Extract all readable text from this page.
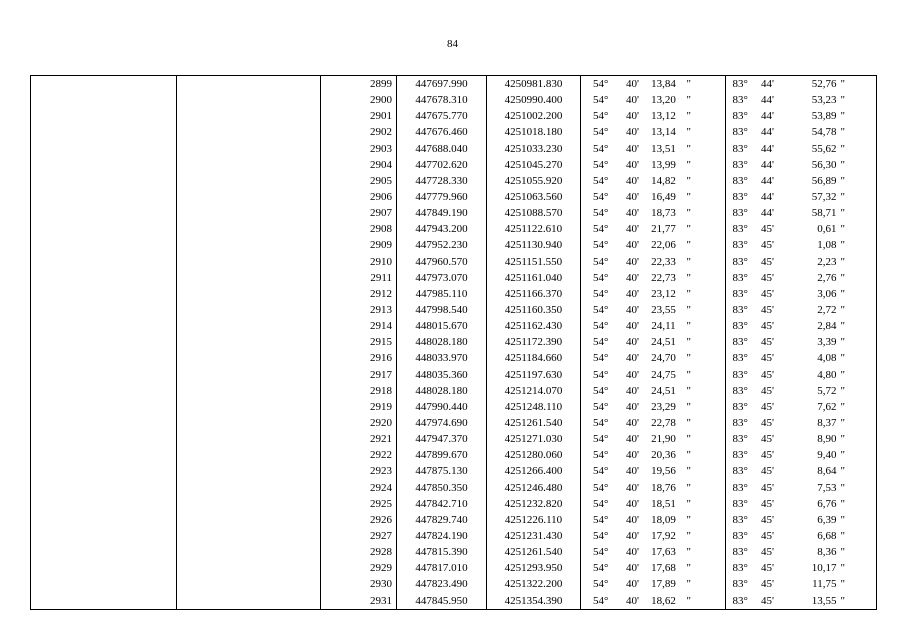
84
		2899	447697.990	4250981.830	54°	40'	13,84	"	83°	44'	52,76	"
		2900	447678.310	4250990.400	54°	40'	13,20	"	83°	44'	53,23	"
		2901	447675.770	4251002.200	54°	40'	13,12	"	83°	44'	53,89	"
		2902	447676.460	4251018.180	54°	40'	13,14	"	83°	44'	54,78	"
		2903	447688.040	4251033.230	54°	40'	13,51	"	83°	44'	55,62	"
		2904	447702.620	4251045.270	54°	40'	13,99	"	83°	44'	56,30	"
		2905	447728.330	4251055.920	54°	40'	14,82	"	83°	44'	56,89	"
		2906	447779.960	4251063.560	54°	40'	16,49	"	83°	44'	57,32	"
		2907	447849.190	4251088.570	54°	40'	18,73	"	83°	44'	58,71	"
		2908	447943.200	4251122.610	54°	40'	21,77	"	83°	45'	0,61	"
		2909	447952.230	4251130.940	54°	40'	22,06	"	83°	45'	1,08	"
		2910	447960.570	4251151.550	54°	40'	22,33	"	83°	45'	2,23	"
		2911	447973.070	4251161.040	54°	40'	22,73	"	83°	45'	2,76	"
		2912	447985.110	4251166.370	54°	40'	23,12	"	83°	45'	3,06	"
		2913	447998.540	4251160.350	54°	40'	23,55	"	83°	45'	2,72	"
		2914	448015.670	4251162.430	54°	40'	24,11	"	83°	45'	2,84	"
		2915	448028.180	4251172.390	54°	40'	24,51	"	83°	45'	3,39	"
		2916	448033.970	4251184.660	54°	40'	24,70	"	83°	45'	4,08	"
		2917	448035.360	4251197.630	54°	40'	24,75	"	83°	45'	4,80	"
		2918	448028.180	4251214.070	54°	40'	24,51	"	83°	45'	5,72	"
		2919	447990.440	4251248.110	54°	40'	23,29	"	83°	45'	7,62	"
		2920	447974.690	4251261.540	54°	40'	22,78	"	83°	45'	8,37	"
		2921	447947.370	4251271.030	54°	40'	21,90	"	83°	45'	8,90	"
		2922	447899.670	4251280.060	54°	40'	20,36	"	83°	45'	9,40	"
		2923	447875.130	4251266.400	54°	40'	19,56	"	83°	45'	8,64	"
		2924	447850.350	4251246.480	54°	40'	18,76	"	83°	45'	7,53	"
		2925	447842.710	4251232.820	54°	40'	18,51	"	83°	45'	6,76	"
		2926	447829.740	4251226.110	54°	40'	18,09	"	83°	45'	6,39	"
		2927	447824.190	4251231.430	54°	40'	17,92	"	83°	45'	6,68	"
		2928	447815.390	4251261.540	54°	40'	17,63	"	83°	45'	8,36	"
		2929	447817.010	4251293.950	54°	40'	17,68	"	83°	45'	10,17	"
		2930	447823.490	4251322.200	54°	40'	17,89	"	83°	45'	11,75	"
		2931	447845.950	4251354.390	54°	40'	18,62	"	83°	45'	13,55	"
